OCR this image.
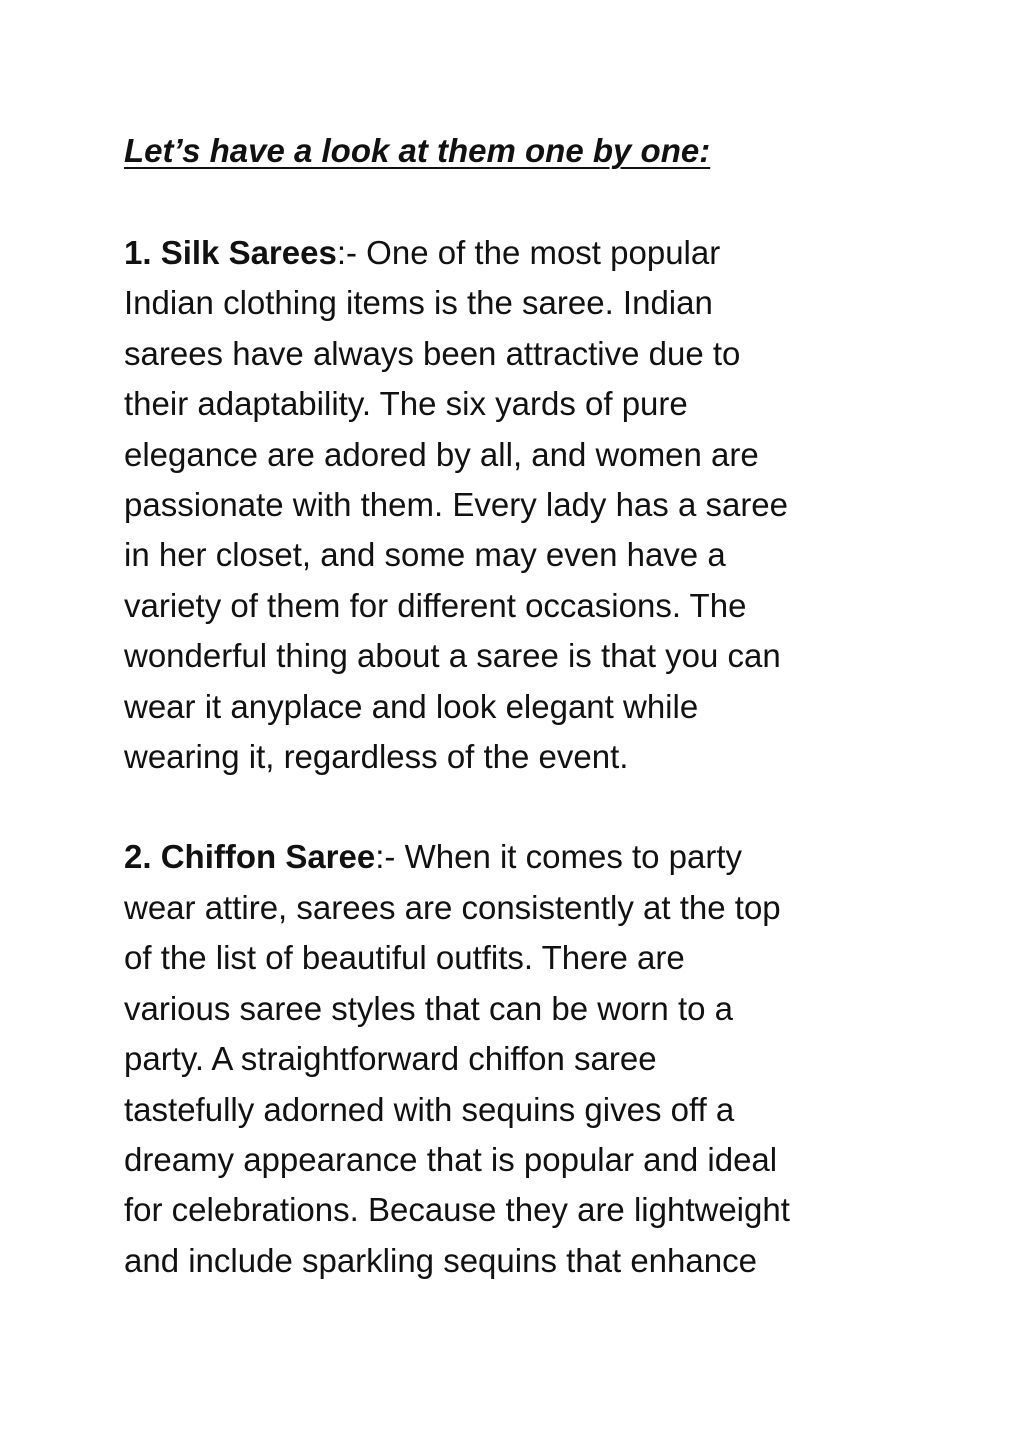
Let’s have a look at them one by one:

1. Silk Sarees:- One of the most popular
Indian clothing items is the saree. Indian
sarees have always been attractive due to
their adaptability. The six yards of pure
elegance are adored by all, and women are
passionate with them. Every lady has a saree
in her closet, and some may even have a
variety of them for different occasions. The
wonderful thing about a saree is that you can
wear it anyplace and look elegant while
wearing it, regardless of the event.
2. Chiffon Saree:- When it comes to party
wear attire, sarees are consistently at the top
of the list of beautiful outfits. There are
various saree styles that can be worn to a
party. A straightforward chiffon saree
tastefully adorned with sequins gives off a
dreamy appearance that is popular and ideal
for celebrations. Because they are lightweight
and include sparkling sequins that enhance
